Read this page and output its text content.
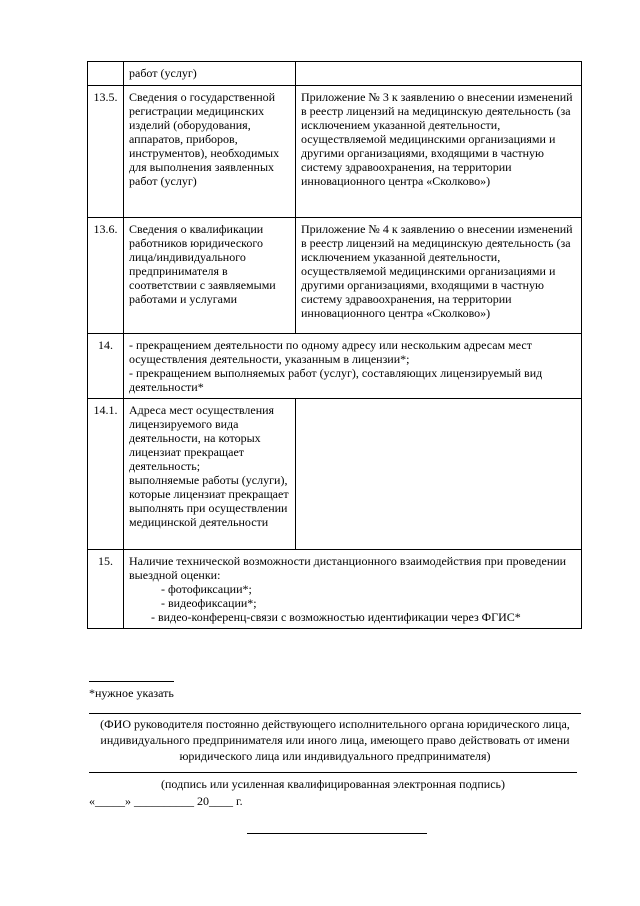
	работ (услуг)	
13.5.	Сведения о государственной регистрации медицинских изделий (оборудования, аппаратов, приборов, инструментов), необходимых для выполнения заявленных работ (услуг)	Приложение № 3 к заявлению о внесении изменений в реестр лицензий на медицинскую деятельность (за исключением указанной деятельности, осуществляемой медицинскими организациями и другими организациями, входящими в частную систему здравоохранения, на территории инновационного центра «Сколково»)
13.6.	Сведения о квалификации работников юридического лица/индивидуального предпринимателя в соответствии с заявляемыми работами и услугами	Приложение № 4 к заявлению о внесении изменений в реестр лицензий на медицинскую деятельность (за исключением указанной деятельности, осуществляемой медицинскими организациями и другими организациями, входящими в частную систему здравоохранения, на территории инновационного центра «Сколково»)
14.	- прекращением деятельности по одному адресу или нескольким адресам мест осуществления деятельности, указанным в лицензии*;
- прекращением выполняемых работ (услуг), составляющих лицензируемый вид деятельности*	

14.1.	Адреса мест осуществления лицензируемого вида деятельности, на которых лицензиат прекращает деятельность;
выполняемые работы (услуги), которые лицензиат прекращает выполнять при осуществлении медицинской деятельности	

15.	Наличие технической возможности дистанционного взаимодействия при проведении выездной оценки:
- фотофиксации*;
- видеофиксации*;
- видео-конференц-связи с возможностью идентификации через ФГИС*	
*нужное указать
(ФИО руководителя постоянно действующего исполнительного органа юридического лица, индивидуального предпринимателя или иного лица, имеющего право действовать от имени юридического лица или индивидуального предпринимателя)
(подпись или усиленная квалифицированная электронная подпись)
«_____» __________ 20____ г.
